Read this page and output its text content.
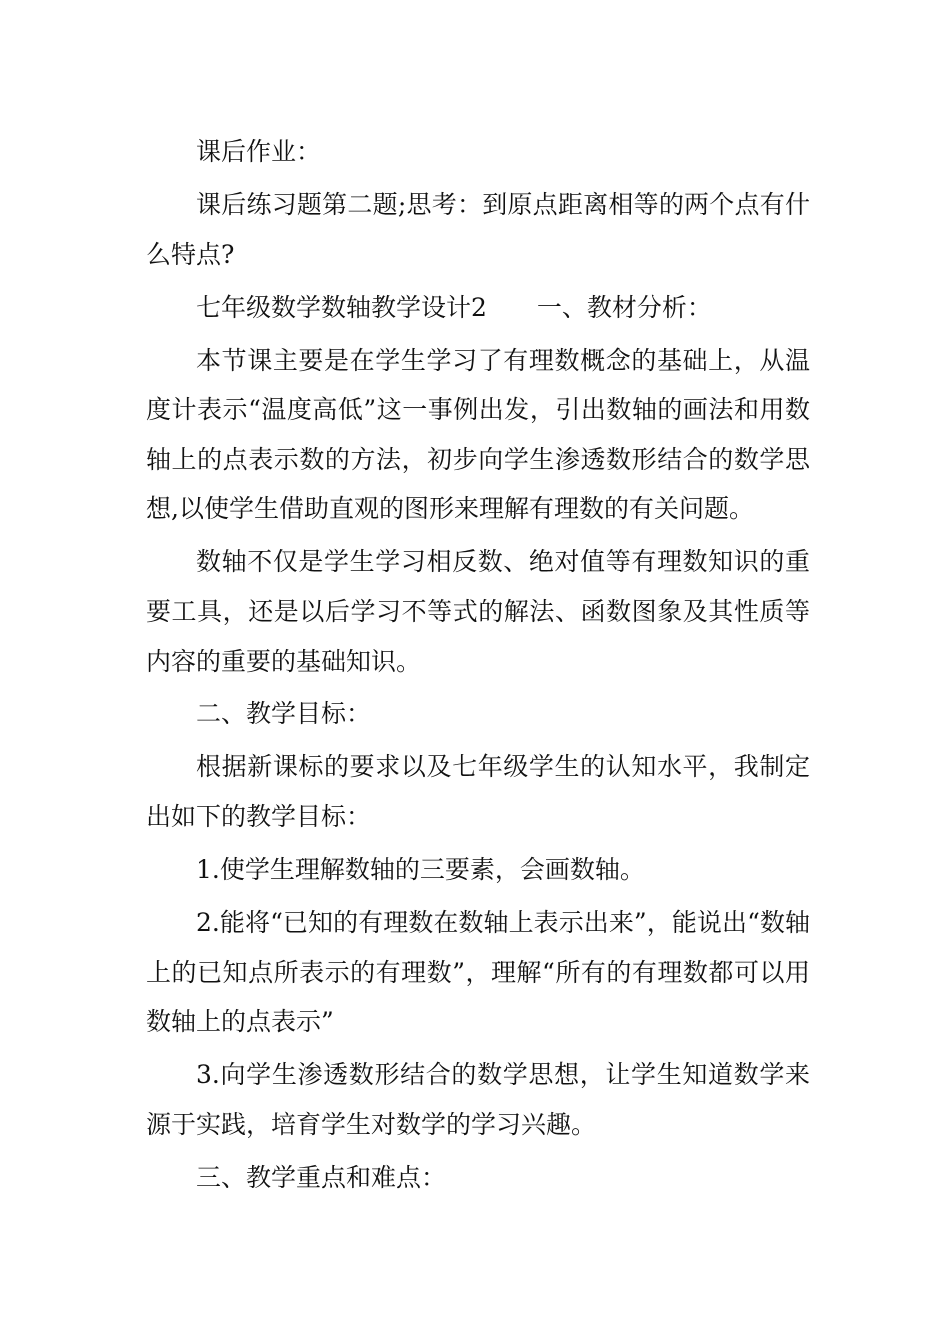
课后作业：

课后练习题第二题;思考：到原点距离相等的两个点有什么特点?

七年级数学数轴教学设计2　　一、教材分析：

本节课主要是在学生学习了有理数概念的基础上，从温度计表示“温度高低”这一事例出发，引出数轴的画法和用数轴上的点表示数的方法，初步向学生渗透数形结合的数学思想,以使学生借助直观的图形来理解有理数的有关问题。

数轴不仅是学生学习相反数、绝对值等有理数知识的重要工具，还是以后学习不等式的解法、函数图象及其性质等内容的重要的基础知识。

二、教学目标：

根据新课标的要求以及七年级学生的认知水平，我制定出如下的教学目标：

1.使学生理解数轴的三要素，会画数轴。

2.能将“已知的有理数在数轴上表示出来”，能说出“数轴上的已知点所表示的有理数”，理解“所有的有理数都可以用数轴上的点表示”

3.向学生渗透数形结合的数学思想，让学生知道数学来源于实践，培育学生对数学的学习兴趣。

三、教学重点和难点：
